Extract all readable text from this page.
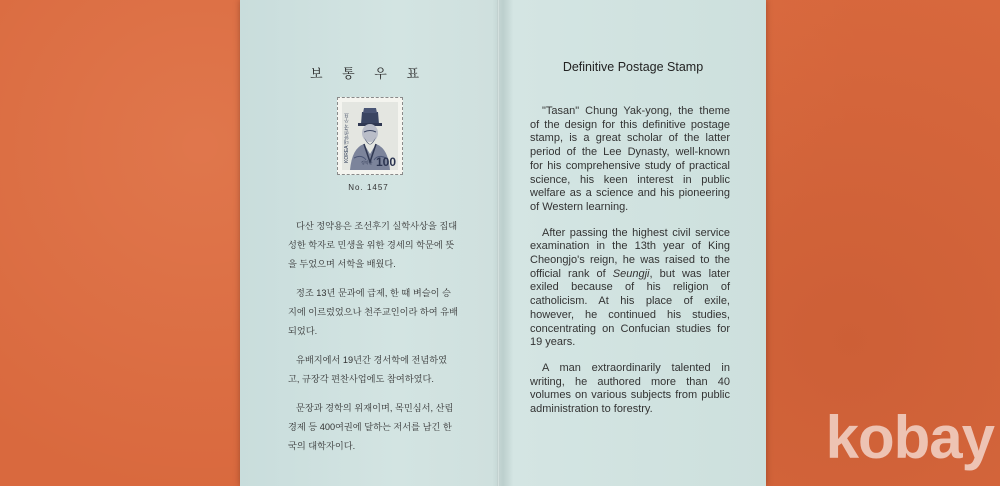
보 통 우 표
KOREA 대한민국 우표	정약용 100
No. 1457

다산 정약용은 조선후기 실학사상을 집대성한 학자로 민생을 위한 경세의 학문에 뜻을 두었으며 서학을 배웠다.

정조 13년 문과에 급제, 한 때 벼슬이 승지에 이르렀었으나 천주교인이라 하여 유배되었다.

유배지에서 19년간 경서학에 전념하였고, 규장각 편찬사업에도 참여하였다.

문장과 경학의 위재이며, 목민심서, 산림경제 등 400여권에 달하는 저서를 남긴 한국의 대학자이다.

Definitive Postage Stamp

"Tasan" Chung Yak-yong, the theme of the design for this definitive postage stamp, is a great scholar of the latter period of the Lee Dynasty, well-known for his comprehensive study of practical science, his keen interest in public welfare as a science and his pioneering of Western learning.

After passing the highest civil service examination in the 13th year of King Cheongjo's reign, he was raised to the official rank of Seungji, but was later exiled because of his religion of catholicism. At his place of exile, however, he continued his studies, concentrating on Confucian studies for 19 years.

A man extraordinarily talented in writing, he authored more than 40 volumes on various subjects from public administration to forestry.	kobay
